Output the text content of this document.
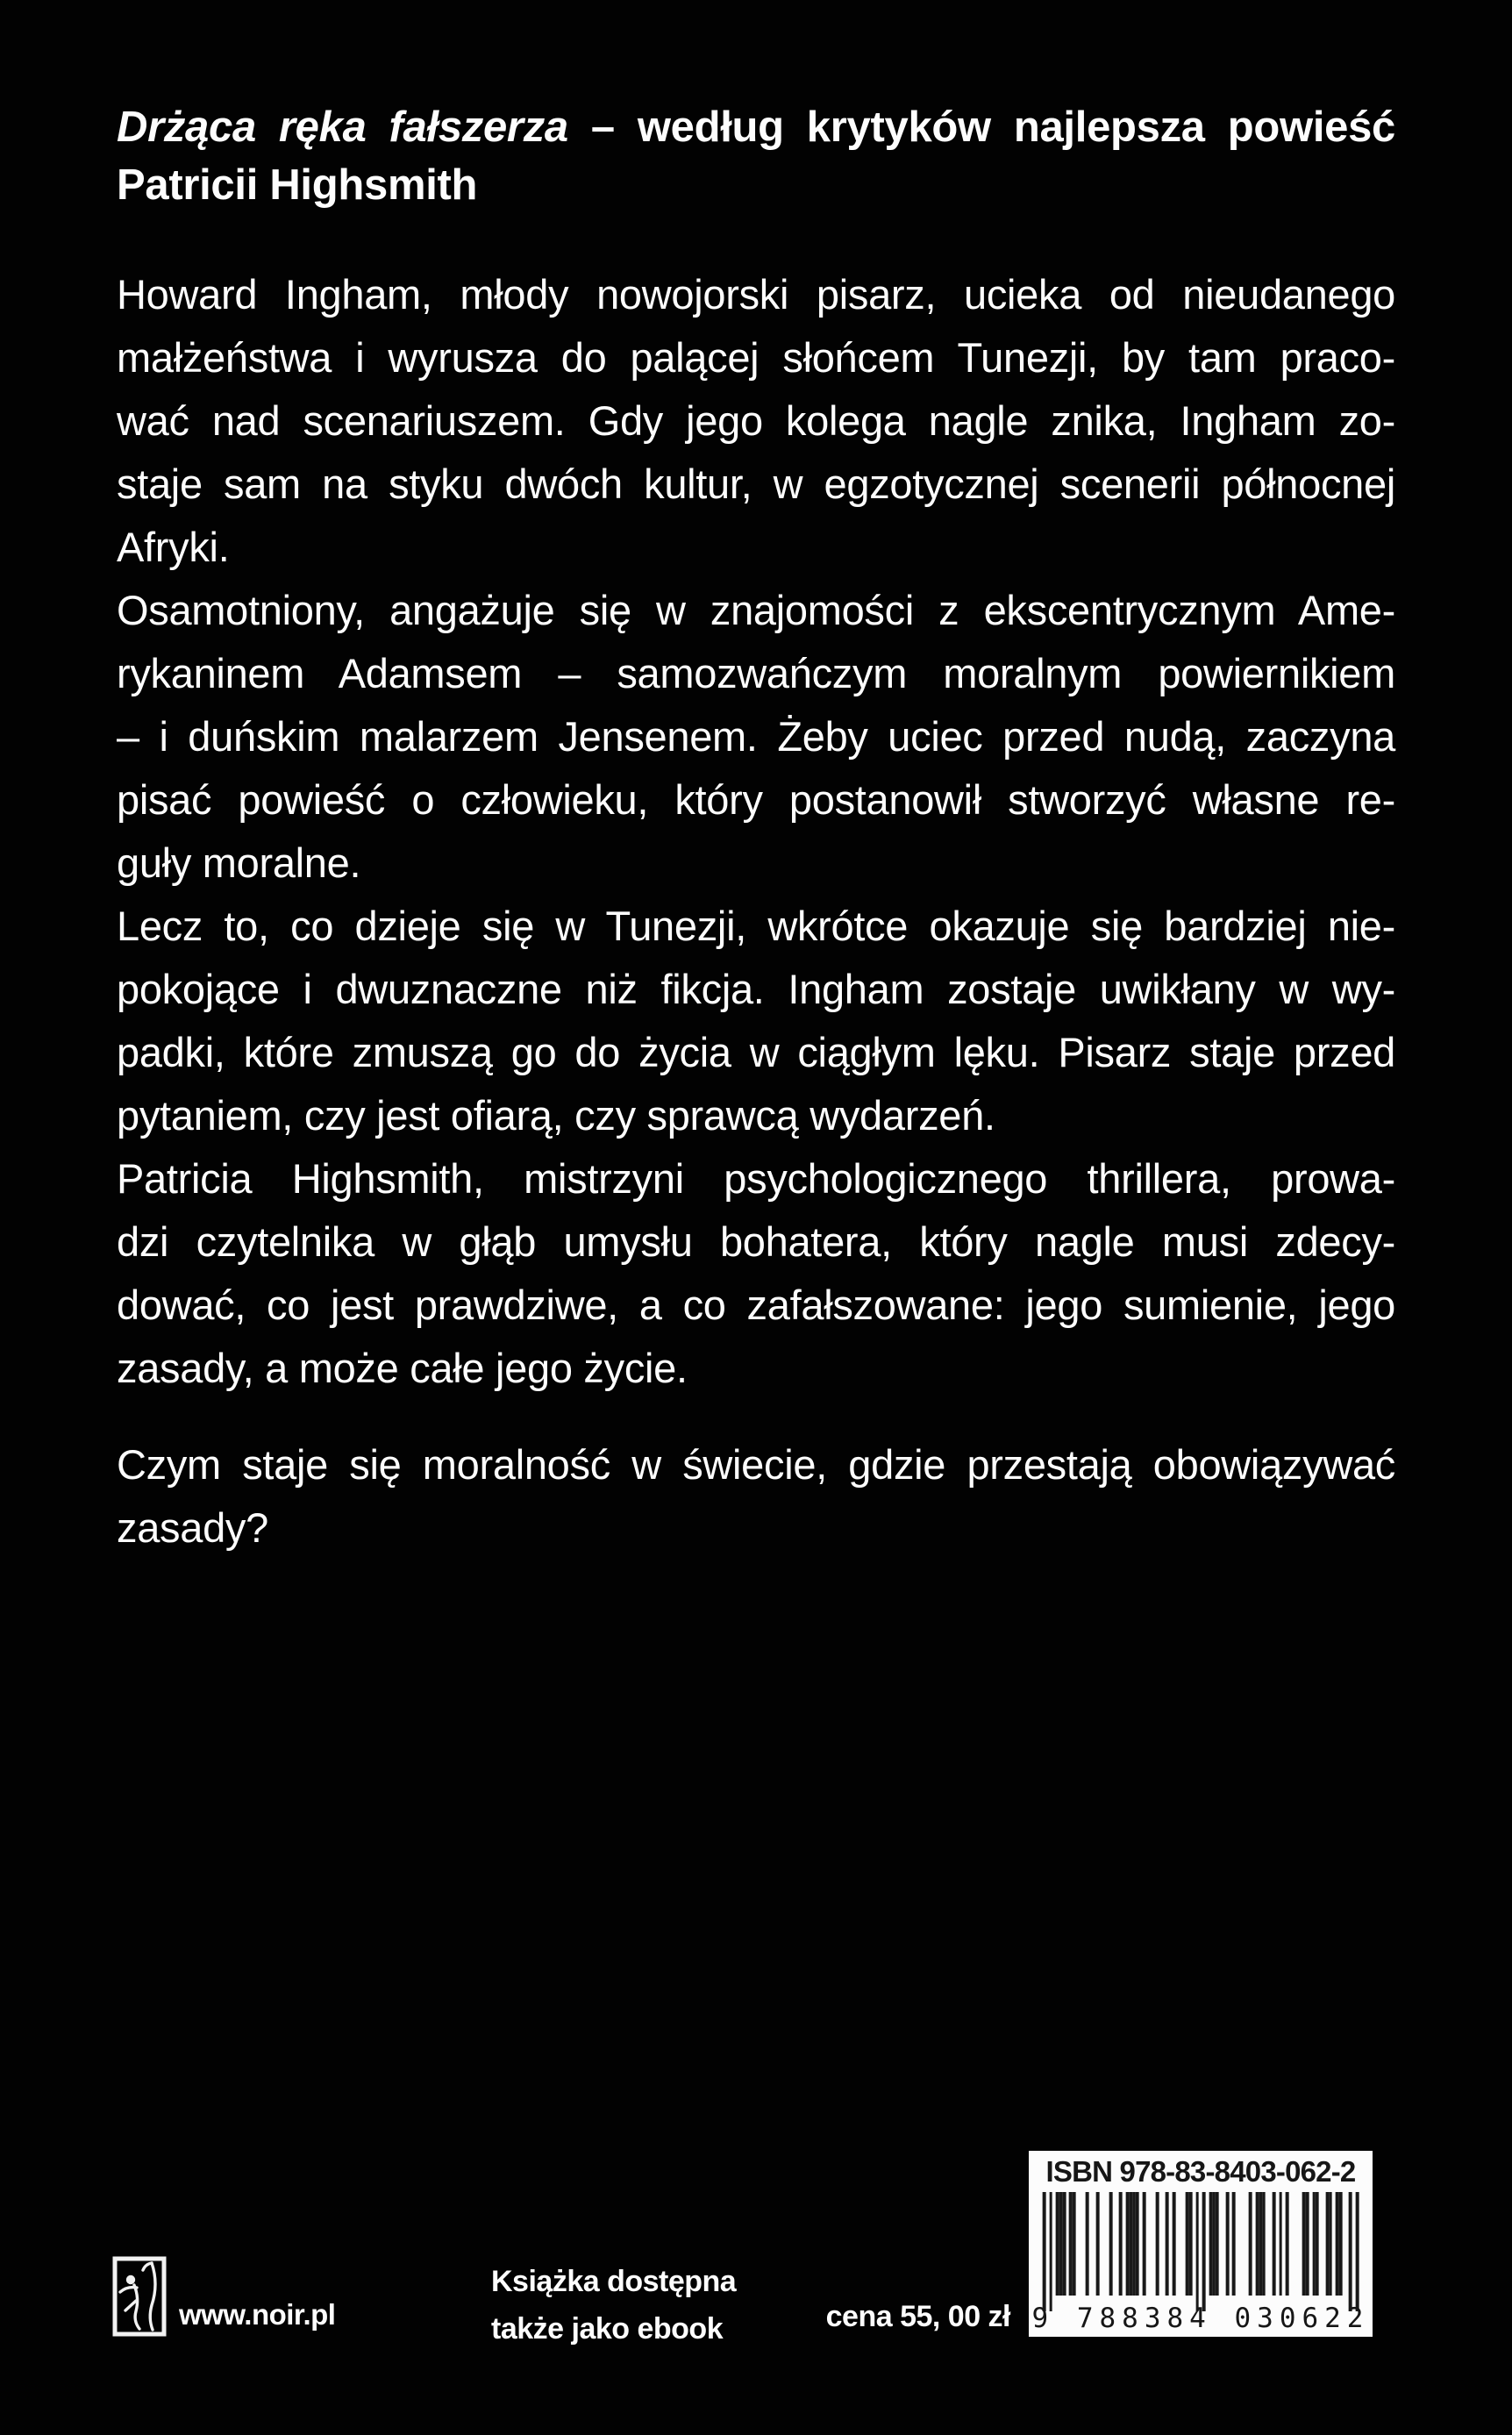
Drżąca ręka fałszerza – według krytyków najlepsza powieść
Patricii Highsmith
Howard Ingham, młody nowojorski pisarz, ucieka od nieudanego
małżeństwa i wyrusza do palącej słońcem Tunezji, by tam praco-
wać nad scenariuszem. Gdy jego kolega nagle znika, Ingham zo-
staje sam na styku dwóch kultur, w egzotycznej scenerii północnej
Afryki.
Osamotniony, angażuje się w znajomości z ekscentrycznym Ame-
rykaninem Adamsem – samozwańczym moralnym powiernikiem
– i duńskim malarzem Jensenem. Żeby uciec przed nudą, zaczyna
pisać powieść o człowieku, który postanowił stworzyć własne re-
guły moralne.
Lecz to, co dzieje się w Tunezji, wkrótce okazuje się bardziej nie-
pokojące i dwuznaczne niż fikcja. Ingham zostaje uwikłany w wy-
padki, które zmuszą go do życia w ciągłym lęku. Pisarz staje przed
pytaniem, czy jest ofiarą, czy sprawcą wydarzeń.
Patricia Highsmith, mistrzyni psychologicznego thrillera, prowa-
dzi czytelnika w głąb umysłu bohatera, który nagle musi zdecy-
dować, co jest prawdziwe, a co zafałszowane: jego sumienie, jego
zasady, a może całe jego życie.
Czym staje się moralność w świecie, gdzie przestają obowiązywać
zasady?
www.noir.pl
Książka dostępna
także jako ebook	cena 55, 00 zł
ISBN 978-83-8403-062-2
9 788384 030622
